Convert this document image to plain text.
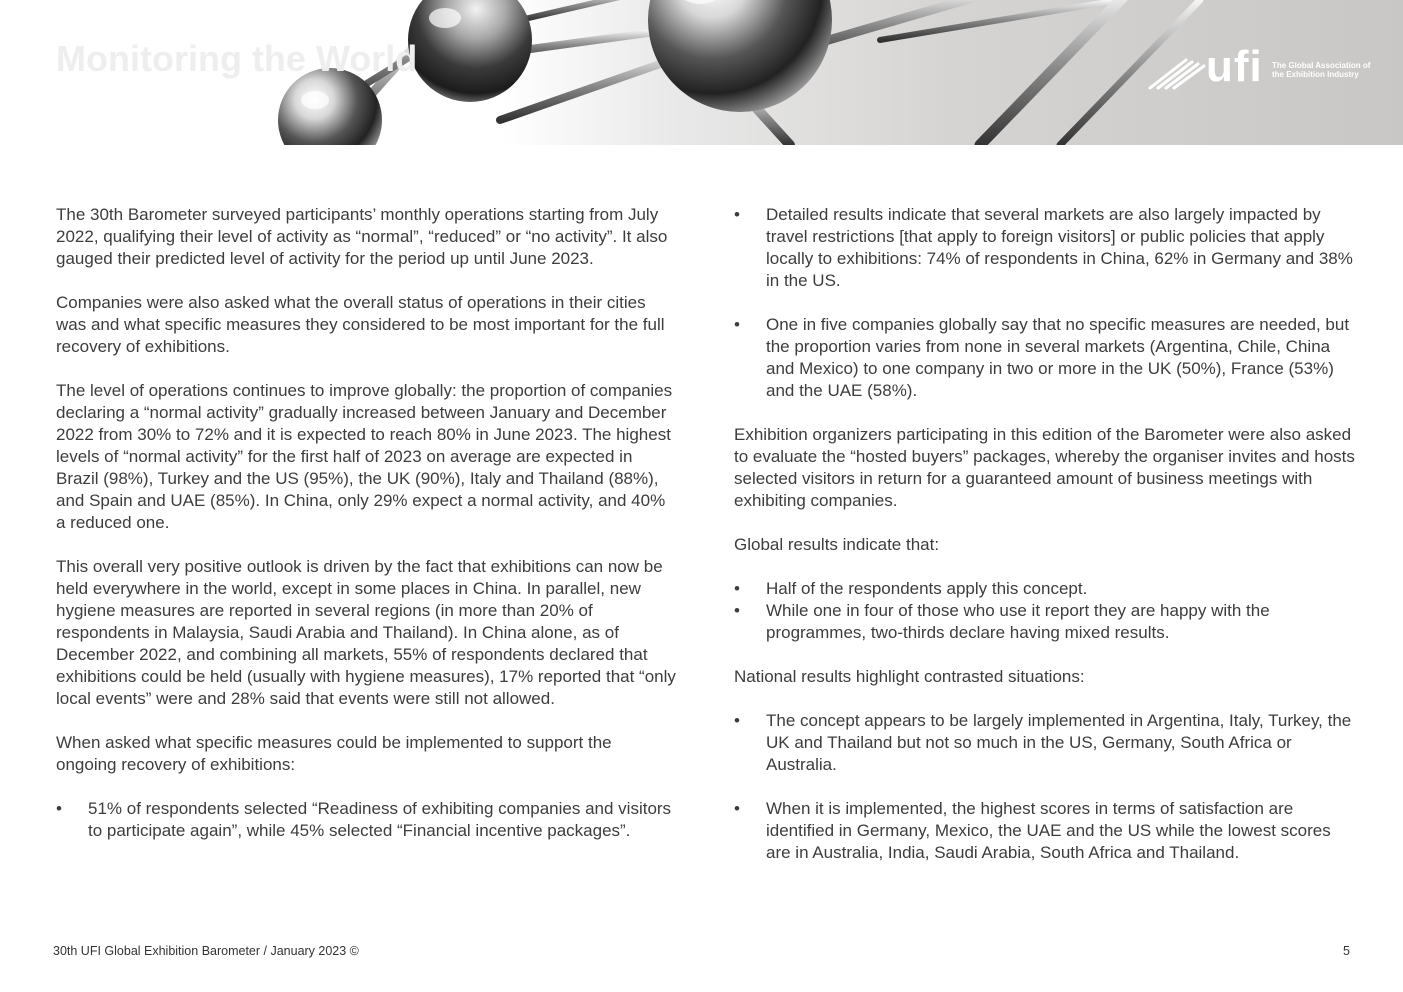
Monitoring the World	ufi The Global Association of the Exhibition Industry

The 30th Barometer surveyed participants’ monthly operations starting from July 2022, qualifying their level of activity as “normal”, “reduced” or “no activity”. It also gauged their predicted level of activity for the period up until June 2023.

Companies were also asked what the overall status of operations in their cities was and what specific measures they considered to be most important for the full recovery of exhibitions.

The level of operations continues to improve globally: the proportion of companies declaring a “normal activity” gradually increased between January and December 2022 from 30% to 72% and it is expected to reach 80% in June 2023. The highest levels of “normal activity” for the first half of 2023 on average are expected in Brazil (98%), Turkey and the US (95%), the UK (90%), Italy and Thailand (88%), and Spain and UAE (85%). In China, only 29% expect a normal activity, and 40% a reduced one.

This overall very positive outlook is driven by the fact that exhibitions can now be held everywhere in the world, except in some places in China. In parallel, new hygiene measures are reported in several regions (in more than 20% of respondents in Malaysia, Saudi Arabia and Thailand). In China alone, as of December 2022, and combining all markets, 55% of respondents declared that exhibitions could be held (usually with hygiene measures), 17% reported that “only local events” were and 28% said that events were still not allowed.

When asked what specific measures could be implemented to support the ongoing recovery of exhibitions:

• 51% of respondents selected “Readiness of exhibiting companies and visitors to participate again”, while 45% selected “Financial incentive packages”.
• Detailed results indicate that several markets are also largely impacted by travel restrictions [that apply to foreign visitors] or public policies that apply locally to exhibitions: 74% of respondents in China, 62% in Germany and 38% in the US.
• One in five companies globally say that no specific measures are needed, but the proportion varies from none in several markets (Argentina, Chile, China and Mexico) to one company in two or more in the UK (50%), France (53%) and the UAE (58%).

Exhibition organizers participating in this edition of the Barometer were also asked to evaluate the “hosted buyers” packages, whereby the organiser invites and hosts selected visitors in return for a guaranteed amount of business meetings with exhibiting companies.

Global results indicate that:

• Half of the respondents apply this concept.
• While one in four of those who use it report they are happy with the programmes, two-thirds declare having mixed results.

National results highlight contrasted situations:

• The concept appears to be largely implemented in Argentina, Italy, Turkey, the UK and Thailand but not so much in the US, Germany, South Africa or Australia.
• When it is implemented, the highest scores in terms of satisfaction are identified in Germany, Mexico, the UAE and the US while the lowest scores are in Australia, India, Saudi Arabia, South Africa and Thailand.
30th UFI Global Exhibition Barometer / January 2023 ©	5
